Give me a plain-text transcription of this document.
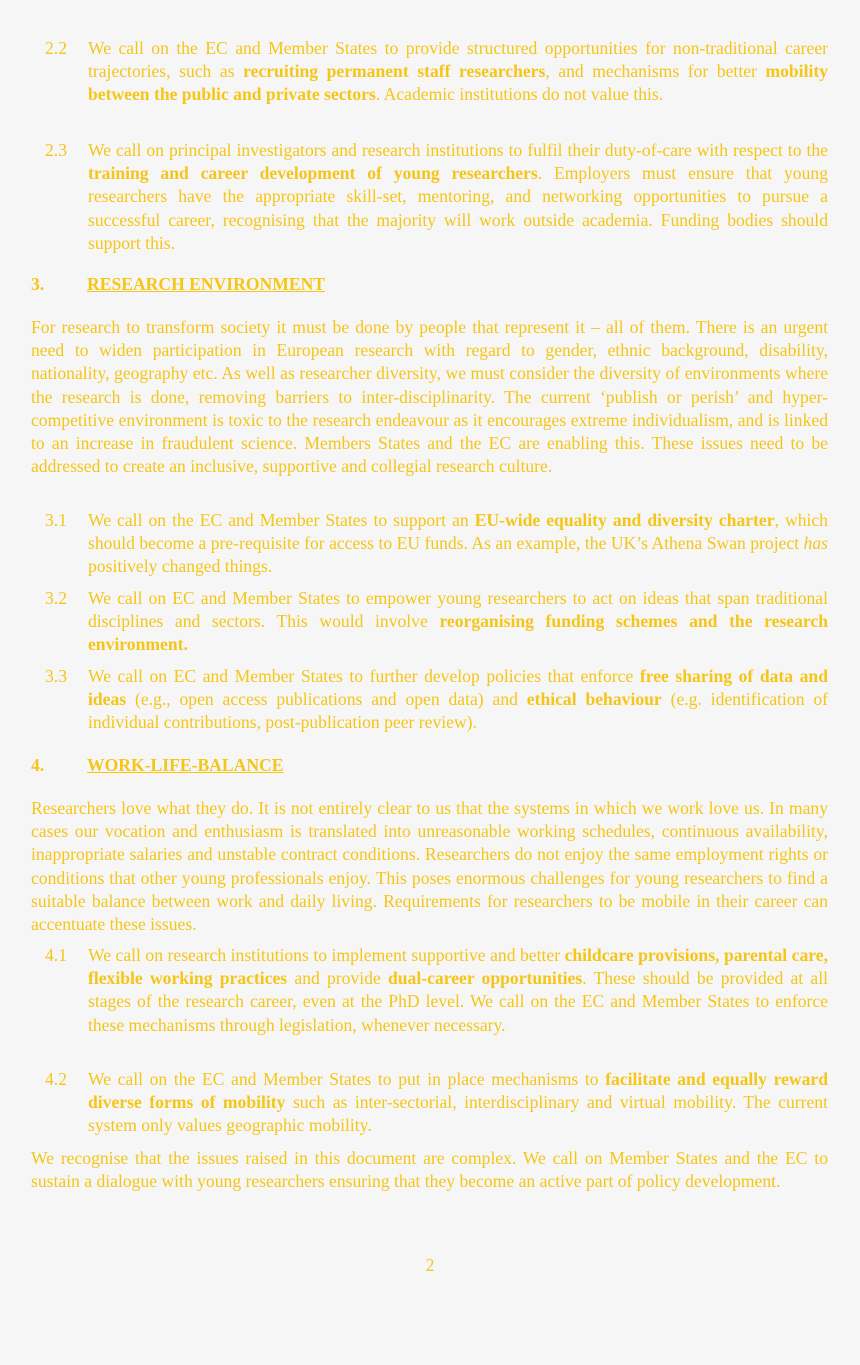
2.2 We call on the EC and Member States to provide structured opportunities for non-traditional career trajectories, such as recruiting permanent staff researchers, and mechanisms for better mobility between the public and private sectors. Academic institutions do not value this.
2.3 We call on principal investigators and research institutions to fulfil their duty-of-care with respect to the training and career development of young researchers. Employers must ensure that young researchers have the appropriate skill-set, mentoring, and networking opportunities to pursue a successful career, recognising that the majority will work outside academia. Funding bodies should support this.
3. RESEARCH ENVIRONMENT

For research to transform society it must be done by people that represent it – all of them. There is an urgent need to widen participation in European research with regard to gender, ethnic background, disability, nationality, geography etc. As well as researcher diversity, we must consider the diversity of environments where the research is done, removing barriers to inter-disciplinarity. The current ‘publish or perish’ and hyper-competitive environment is toxic to the research endeavour as it encourages extreme individualism, and is linked to an increase in fraudulent science. Members States and the EC are enabling this. These issues need to be addressed to create an inclusive, supportive and collegial research culture.

3.1 We call on the EC and Member States to support an EU-wide equality and diversity charter, which should become a pre-requisite for access to EU funds. As an example, the UK’s Athena Swan project has positively changed things.
3.2 We call on EC and Member States to empower young researchers to act on ideas that span traditional disciplines and sectors. This would involve reorganising funding schemes and the research environment.
3.3 We call on EC and Member States to further develop policies that enforce free sharing of data and ideas (e.g., open access publications and open data) and ethical behaviour (e.g. identification of individual contributions, post-publication peer review).
4. WORK-LIFE-BALANCE

Researchers love what they do. It is not entirely clear to us that the systems in which we work love us. In many cases our vocation and enthusiasm is translated into unreasonable working schedules, continuous availability, inappropriate salaries and unstable contract conditions. Researchers do not enjoy the same employment rights or conditions that other young professionals enjoy. This poses enormous challenges for young researchers to find a suitable balance between work and daily living. Requirements for researchers to be mobile in their career can accentuate these issues.

4.1 We call on research institutions to implement supportive and better childcare provisions, parental care, flexible working practices and provide dual-career opportunities. These should be provided at all stages of the research career, even at the PhD level. We call on the EC and Member States to enforce these mechanisms through legislation, whenever necessary.
4.2 We call on the EC and Member States to put in place mechanisms to facilitate and equally reward diverse forms of mobility such as inter-sectorial, interdisciplinary and virtual mobility. The current system only values geographic mobility.

We recognise that the issues raised in this document are complex. We call on Member States and the EC to sustain a dialogue with young researchers ensuring that they become an active part of policy development.

2
